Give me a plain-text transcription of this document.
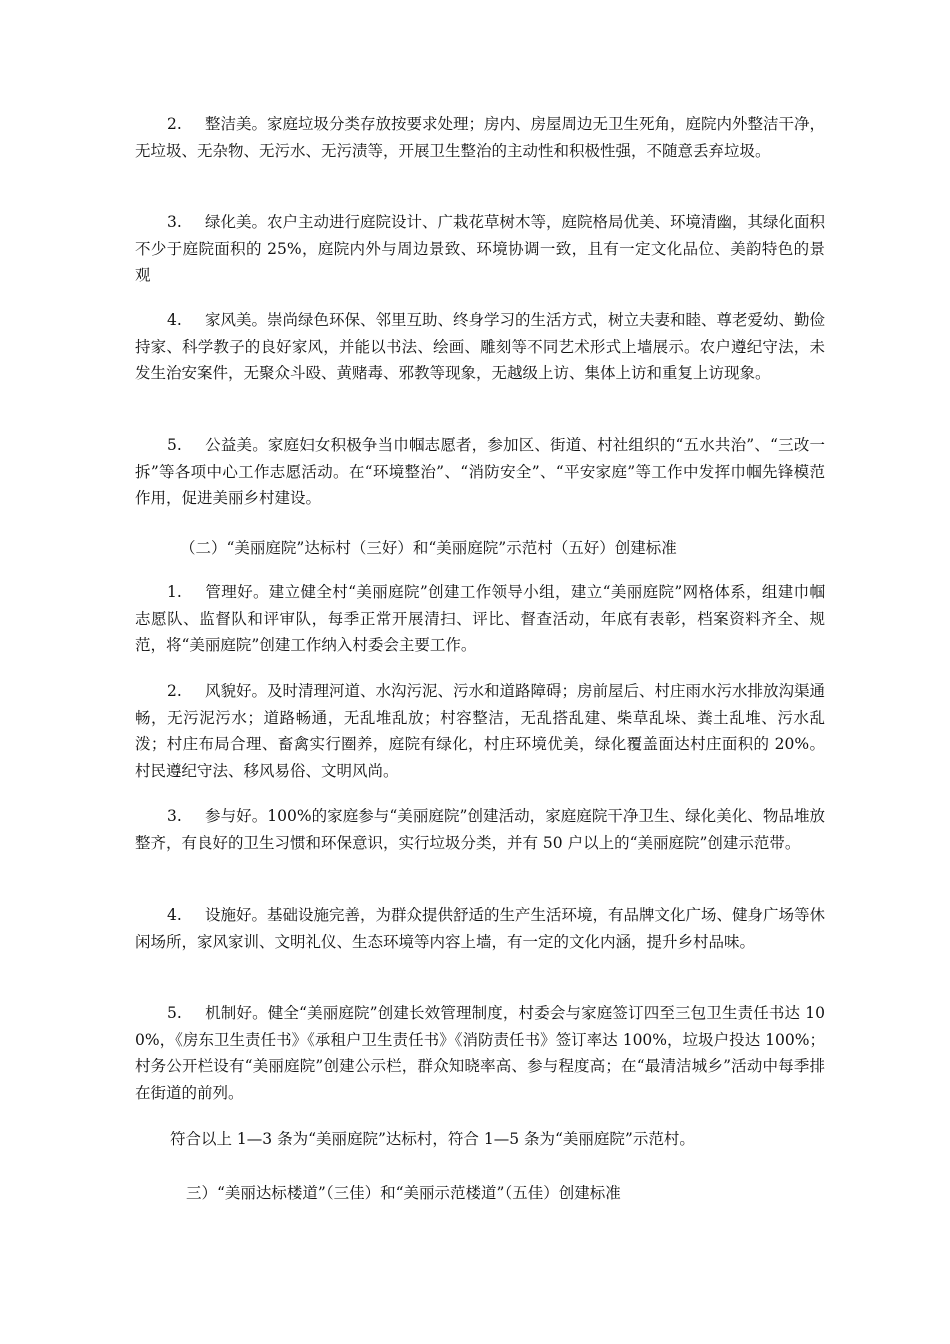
2. 整洁美。家庭垃圾分类存放按要求处理；房内、房屋周边无卫生死角，庭院内外整洁干净，无垃圾、无杂物、无污水、无污渍等，开展卫生整治的主动性和积极性强，不随意丢弃垃圾。

3. 绿化美。农户主动进行庭院设计、广栽花草树木等，庭院格局优美、环境清幽，其绿化面积不少于庭院面积的 25%，庭院内外与周边景致、环境协调一致，且有一定文化品位、美韵特色的景观

4. 家风美。崇尚绿色环保、邻里互助、终身学习的生活方式，树立夫妻和睦、尊老爱幼、勤俭持家、科学教子的良好家风，并能以书法、绘画、雕刻等不同艺术形式上墙展示。农户遵纪守法，未发生治安案件，无聚众斗殴、黄赌毒、邪教等现象，无越级上访、集体上访和重复上访现象。

5. 公益美。家庭妇女积极争当巾帼志愿者，参加区、街道、村社组织的“五水共治”、“三改一拆”等各项中心工作志愿活动。在“环境整治”、“消防安全”、“平安家庭”等工作中发挥巾帼先锋模范作用，促进美丽乡村建设。

（二）“美丽庭院”达标村（三好）和“美丽庭院”示范村（五好）创建标准

1. 管理好。建立健全村“美丽庭院”创建工作领导小组，建立“美丽庭院”网格体系，组建巾帼志愿队、监督队和评审队，每季正常开展清扫、评比、督查活动，年底有表彰，档案资料齐全、规范，将“美丽庭院”创建工作纳入村委会主要工作。

2. 风貌好。及时清理河道、水沟污泥、污水和道路障碍；房前屋后、村庄雨水污水排放沟渠通畅，无污泥污水；道路畅通，无乱堆乱放；村容整洁，无乱搭乱建、柴草乱垛、粪土乱堆、污水乱泼；村庄布局合理、畜禽实行圈养，庭院有绿化，村庄环境优美，绿化覆盖面达村庄面积的 20%。村民遵纪守法、移风易俗、文明风尚。

3. 参与好。100%的家庭参与“美丽庭院”创建活动，家庭庭院干净卫生、绿化美化、物品堆放整齐，有良好的卫生习惯和环保意识，实行垃圾分类，并有 50 户以上的“美丽庭院”创建示范带。

4. 设施好。基础设施完善，为群众提供舒适的生产生活环境，有品牌文化广场、健身广场等休闲场所，家风家训、文明礼仪、生态环境等内容上墙，有一定的文化内涵，提升乡村品味。

5. 机制好。健全“美丽庭院”创建长效管理制度，村委会与家庭签订四至三包卫生责任书达 100%，《房东卫生责任书》《承租户卫生责任书》《消防责任书》签订率达 100%，垃圾户投达 100%；村务公开栏设有“美丽庭院”创建公示栏，群众知晓率高、参与程度高；在“最清洁城乡”活动中每季排在街道的前列。

符合以上 1—3 条为“美丽庭院”达标村，符合 1—5 条为“美丽庭院”示范村。

三）“美丽达标楼道”（三佳）和“美丽示范楼道”（五佳）创建标准
